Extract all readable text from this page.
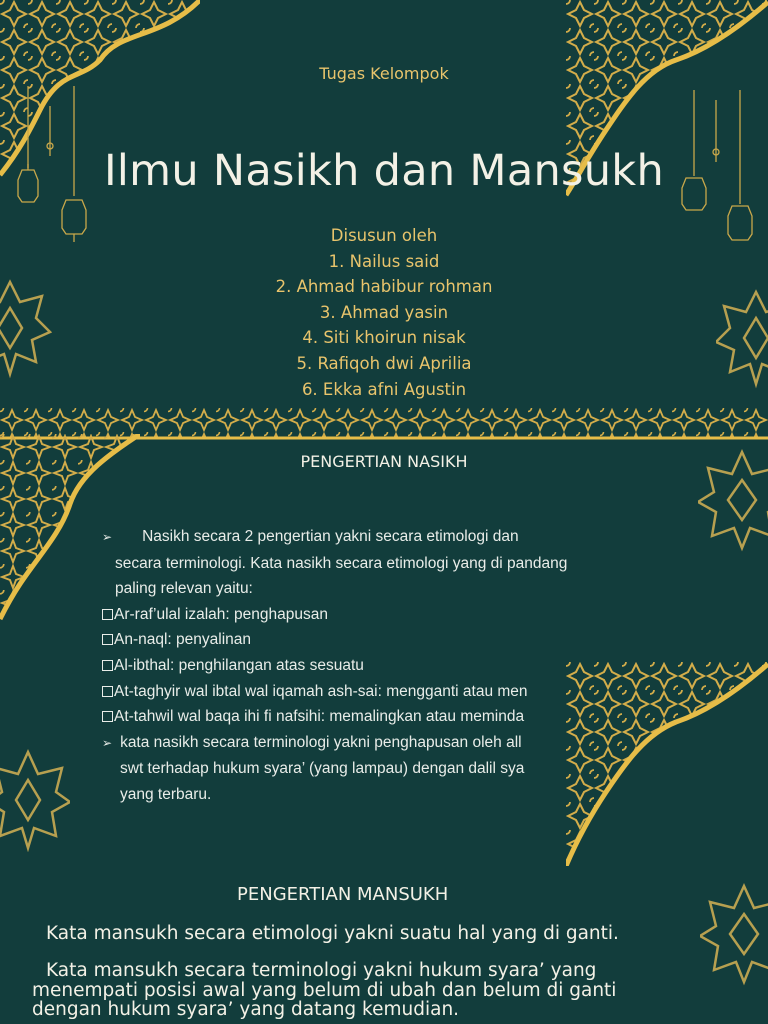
Tugas Kelompok
Ilmu Nasikh dan Mansukh
Disusun oleh
1. Nailus said
2. Ahmad habibur rohman
3. Ahmad yasin
4. Siti khoirun nisak
5. Rafiqoh dwi Aprilia
6. Ekka afni Agustin
PENGERTIAN NASIKH
➢ Nasikh secara 2 pengertian yakni secara etimologi dan
secara terminologi. Kata nasikh secara etimologi yang di pandang
paling relevan yaitu:
Ar-raf’ulal izalah: penghapusan
An-naql: penyalinan
Al-ibthal: penghilangan atas sesuatu
At-taghyir wal ibtal wal iqamah ash-sai: mengganti atau men
At-tahwil wal baqa ihi fi nafsihi: memalingkan atau meminda
➢ kata nasikh secara terminologi yakni penghapusan oleh all
swt terhadap hukum syara’ (yang lampau) dengan dalil sya
yang terbaru.
PENGERTIAN MANSUKH
Kata mansukh secara etimologi yakni suatu hal yang di ganti.
Kata mansukh secara terminologi yakni hukum syara’ yang
menempati posisi awal yang belum di ubah dan belum di ganti
dengan hukum syara’ yang datang kemudian.
